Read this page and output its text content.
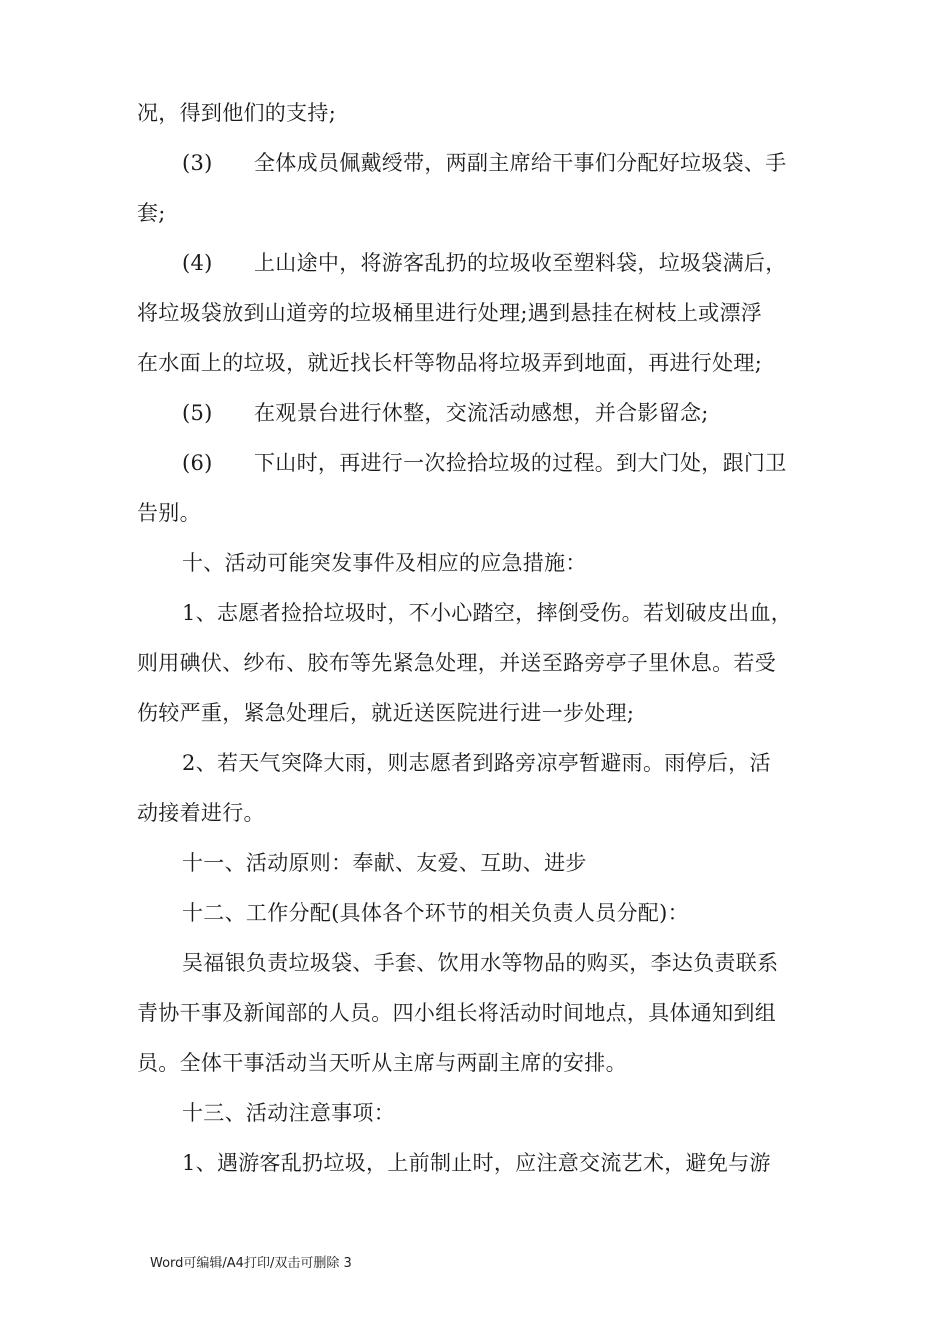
况，得到他们的支持;
(3) 全体成员佩戴绶带，两副主席给干事们分配好垃圾袋、手
套;
(4) 上山途中，将游客乱扔的垃圾收至塑料袋，垃圾袋满后，
将垃圾袋放到山道旁的垃圾桶里进行处理;遇到悬挂在树枝上或漂浮
在水面上的垃圾，就近找长杆等物品将垃圾弄到地面，再进行处理;
(5) 在观景台进行休整，交流活动感想，并合影留念;
(6) 下山时，再进行一次捡拾垃圾的过程。到大门处，跟门卫
告别。
十、活动可能突发事件及相应的应急措施：
1、志愿者捡拾垃圾时，不小心踏空，摔倒受伤。若划破皮出血，
则用碘伏、纱布、胶布等先紧急处理，并送至路旁亭子里休息。若受
伤较严重，紧急处理后，就近送医院进行进一步处理;
2、若天气突降大雨，则志愿者到路旁凉亭暂避雨。雨停后，活
动接着进行。
十一、活动原则：奉献、友爱、互助、进步
十二、工作分配(具体各个环节的相关负责人员分配)：
吴福银负责垃圾袋、手套、饮用水等物品的购买，李达负责联系
青协干事及新闻部的人员。四小组长将活动时间地点，具体通知到组
员。全体干事活动当天听从主席与两副主席的安排。
十三、活动注意事项：
1、遇游客乱扔垃圾，上前制止时，应注意交流艺术，避免与游
Word可编辑/A4打印/双击可删除 3
